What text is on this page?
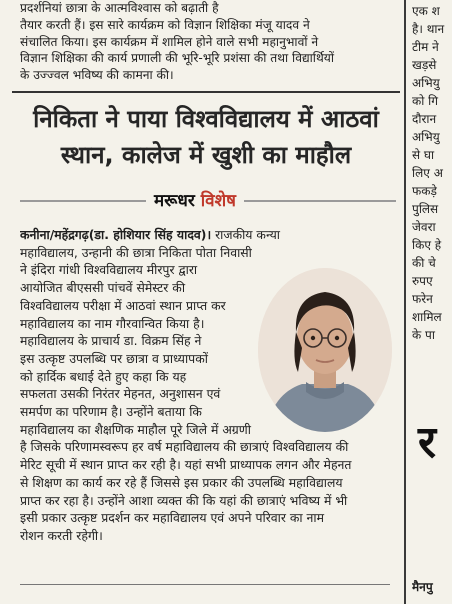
प्रदर्शनियां छात्रा के आत्मविश्वास को बढ़ाती है
तैयार करती हैं। इस सारे कार्यक्रम को विज्ञान शिक्षिका मंजू यादव ने
संचालित किया। इस कार्यक्रम में शामिल होने वाले सभी महानुभावों ने
विज्ञान शिक्षिका की कार्य प्रणाली की भूरि-भूरि प्रशंसा की तथा विद्यार्थियों
के उज्ज्वल भविष्य की कामना की।

निकिता ने पाया विश्वविद्यालय में आठवां
स्थान, कालेज में खुशी का माहौल
मरूधर विशेष

कनीना/महेंद्रगढ़(डा. होशियार सिंह यादव)। राजकीय कन्या
महाविद्यालय, उन्हानी की छात्रा निकिता पोता निवासी
ने इंदिरा गांधी विश्वविद्यालय मीरपुर द्वारा
आयोजित बीएससी पांचवें सेमेस्टर की
विश्वविद्यालय परीक्षा में आठवां स्थान प्राप्त कर
महाविद्यालय का नाम गौरवान्वित किया है।
महाविद्यालय के प्राचार्य डा. विक्रम सिंह ने
इस उत्कृष्ट उपलब्धि पर छात्रा व प्राध्यापकों
को हार्दिक बधाई देते हुए कहा कि यह
सफलता उसकी निरंतर मेहनत, अनुशासन एवं
समर्पण का परिणाम है। उन्होंने बताया कि
महाविद्यालय का शैक्षणिक माहौल पूरे जिले में अग्रणी
है जिसके परिणामस्वरूप हर वर्ष महाविद्यालय की छात्राएं विश्वविद्यालय की
मेरिट सूची में स्थान प्राप्त कर रही है। यहां सभी प्राध्यापक लगन और मेहनत
से शिक्षण का कार्य कर रहे हैं जिससे इस प्रकार की उपलब्धि महाविद्यालय
प्राप्त कर रहा है। उन्होंने आशा व्यक्त की कि यहां की छात्राएं भविष्य में भी
इसी प्रकार उत्कृष्ट प्रदर्शन कर महाविद्यालय एवं अपने परिवार का नाम
रोशन करती रहेगी।

एक श
है। थान
टीम ने
खड़से
अभियु
को गि
दौरान
अभियु
से घा
लिए अ
फकड़े
पुलिस
जेवरा
किए हे
की चे
रुपए
फरेन
शामिल
के पा
र
मैनपु
